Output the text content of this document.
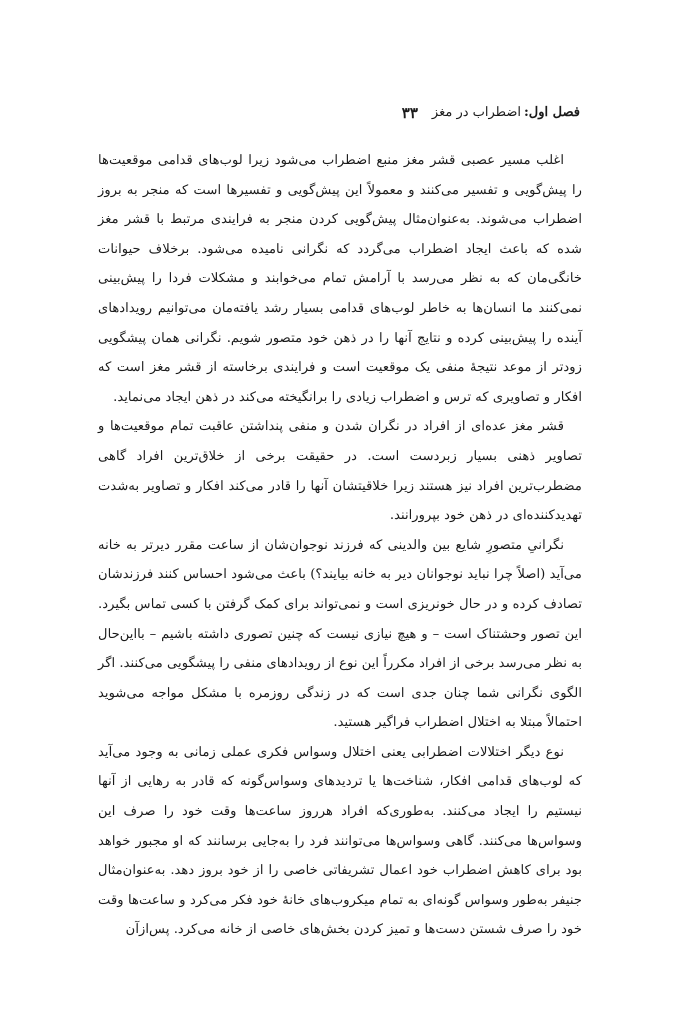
فصل اول:
اضطراب در مغز
۳۳

اغلب مسیر عصبی قشر مغز منبع اضطراب می‌شود زیرا لوب‌های قدامی موقعیت‌ها را پیش‌گویی و تفسیر می‌کنند و معمولاً این پیش‌گویی و تفسیرها است که منجر به بروز اضطراب می‌شوند. به‌عنوان‌مثال پیش‌گویی کردن منجر به فرایندی مرتبط با قشر مغز شده که باعث ایجاد اضطراب می‌گردد که نگرانی نامیده می‌شود. برخلاف حیوانات خانگی‌مان که به نظر می‌رسد با آرامش تمام می‌خوابند و مشکلات فردا را پیش‌بینی نمی‌کنند ما انسان‌ها به خاطر لوب‌های قدامی بسیار رشد یافته‌مان می‌توانیم رویدادهای آینده را پیش‌بینی کرده و نتایج آنها را در ذهن خود متصور شویم. نگرانی همان پیشگویی زودتر از موعد نتیجهٔ منفی یک موقعیت است و فرایندی برخاسته از قشر مغز است که افکار و تصاویری که ترس و اضطراب زیادی را برانگیخته می‌کند در ذهن ایجاد می‌نماید.

قشر مغز عده‌ای از افراد در نگران شدن و منفی پنداشتن عاقبت تمام موقعیت‌ها و تصاویر ذهنی بسیار زبردست است. در حقیقت برخی از خلاق‌ترین افراد گاهی مضطرب‌ترین افراد نیز هستند زیرا خلاقیتشان آنها را قادر می‌کند افکار و تصاویر به‌شدت تهدیدکننده‌ای در ذهن خود بپرورانند.

نگرانیِ متصورِ شایع بین والدینی که فرزند نوجوان‌شان از ساعت مقرر دیرتر به خانه می‌آید (اصلاً چرا نباید نوجوانان دیر به خانه بیایند؟) باعث می‌شود احساس کنند فرزندشان تصادف کرده و در حال خونریزی است و نمی‌تواند برای کمک گرفتن با کسی تماس بگیرد. این تصور وحشتناک است – و هیچ نیازی نیست که چنین تصوری داشته باشیم – بااین‌حال به نظر می‌رسد برخی از افراد مکرراً این نوع از رویدادهای منفی را پیشگویی می‌کنند. اگر الگوی نگرانی شما چنان جدی است که در زندگی روزمره با مشکل مواجه می‌شوید احتمالاً مبتلا به اختلال اضطراب فراگیر هستید.

نوع دیگر اختلالات اضطرابی یعنی اختلال وسواس فکری عملی زمانی به وجود می‌آید که لوب‌های قدامی افکار، شناخت‌ها یا تردیدهای وسواس‌گونه که قادر به رهایی از آنها نیستیم را ایجاد می‌کنند. به‌طوری‌که افراد هرروز ساعت‌ها وقت خود را صرف این وسواس‌ها می‌کنند. گاهی وسواس‌ها می‌توانند فرد را به‌جایی برسانند که او مجبور خواهد بود برای کاهش اضطراب خود اعمال تشریفاتی خاصی را از خود بروز دهد. به‌عنوان‌مثال جنیفر به‌طور وسواس گونه‌ای به تمام میکروب‌های خانهٔ خود فکر می‌کرد و ساعت‌ها وقت خود را صرف شستن دست‌ها و تمیز کردن بخش‌های خاصی از خانه می‌کرد. پس‌ازآن
